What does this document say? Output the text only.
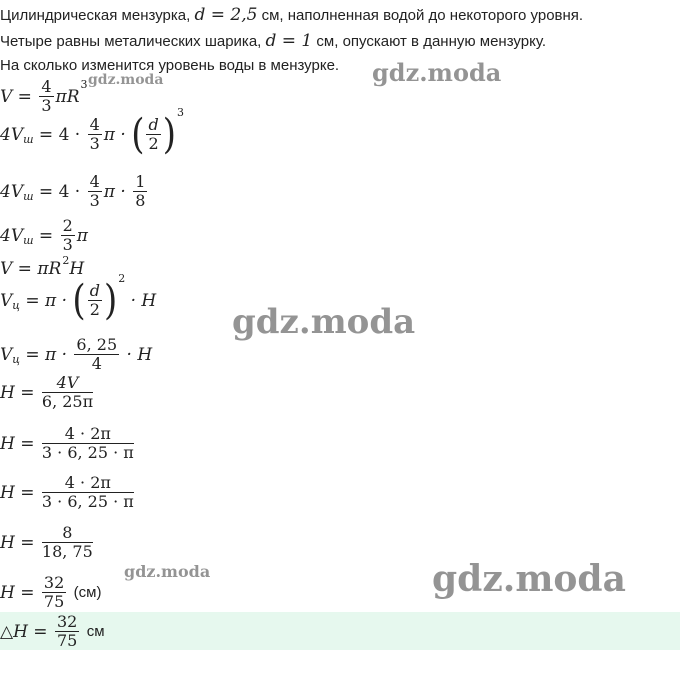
Цилиндрическая мензурка, d = 2,5 см, наполненная водой до некоторого уровня.
Четыре равны металических шарика, d = 1 см, опускают в данную мензурку.
На сколько изменится уровень воды в мензурке.
$V = \frac{4}{3} \pi R3$
$4Vш = 4 \cdot \frac{4}{3}$ π · ( $\frac{d}{2} )3$
$4Vш = 4 \cdot \frac{4}{3}$ $\pi \cdot \frac{1}{8}$
$4Vш = \frac{2}{3}$ π
V = πR2H
Vц = π · ( $\frac{d}{2} )2 \cdot H$
Vц = $\pi \cdot \frac{6, 25}{4} \cdot H$
$H = \frac{4V}{6, 25\pi}$
$H = \frac{4 \cdot 2\pi}{3 \cdot 6, 25 \cdot \pi}$
$H = \frac{4 \cdot 2\pi}{3 \cdot 6, 25 \cdot \pi}$
$H = \frac{8}{18, 75}$
$H = \frac{32}{75} (см)$
△H = $\frac{32}{75}$ см
gdz.moda
gdz.moda
gdz.moda
gdz.moda	gdz.moda
